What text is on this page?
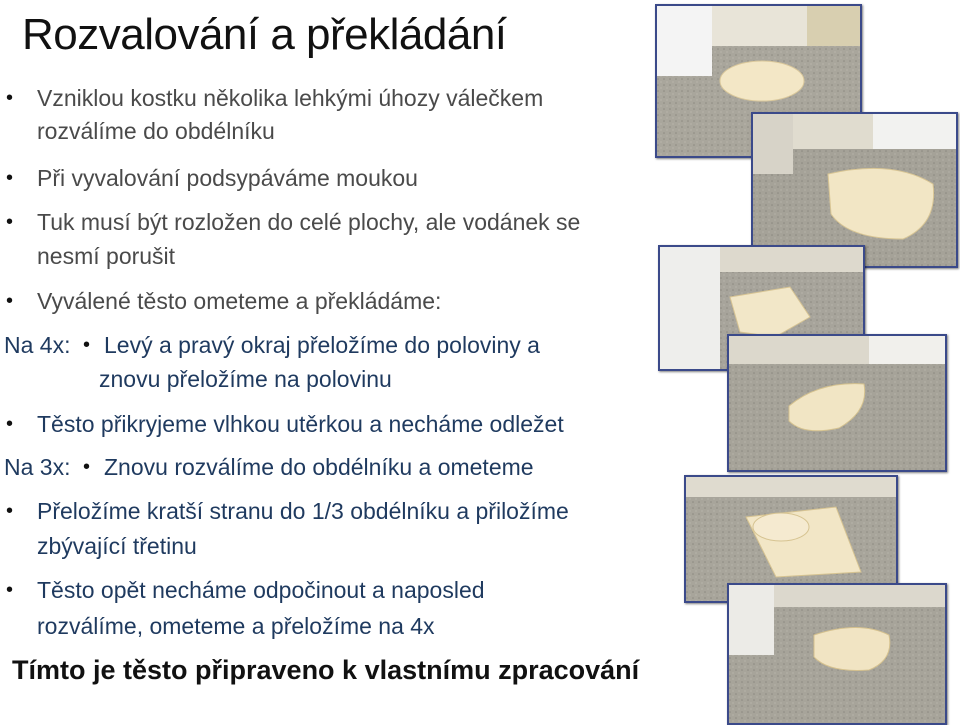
Rozvalování a překládání
• Vzniklou kostku několika lehkými úhozy válečkem
rozválíme do obdélníku
• Při vyvalování podsypáváme moukou
• Tuk musí být rozložen do celé plochy, ale vodánek se
nesmí porušit
• Vyválené těsto ometeme a překládáme:
Na 4x: • Levý a pravý okraj přeložíme do poloviny a
znovu přeložíme na polovinu
• Těsto přikryjeme vlhkou utěrkou a necháme odležet
Na 3x: • Znovu rozválíme do obdélníku a ometeme
• Přeložíme kratší stranu do 1/3 obdélníku a přiložíme
zbývající třetinu
• Těsto opět necháme odpočinout a naposled
rozválíme, ometeme a přeložíme na 4x
Tímto je těsto připraveno k vlastnímu zpracování
